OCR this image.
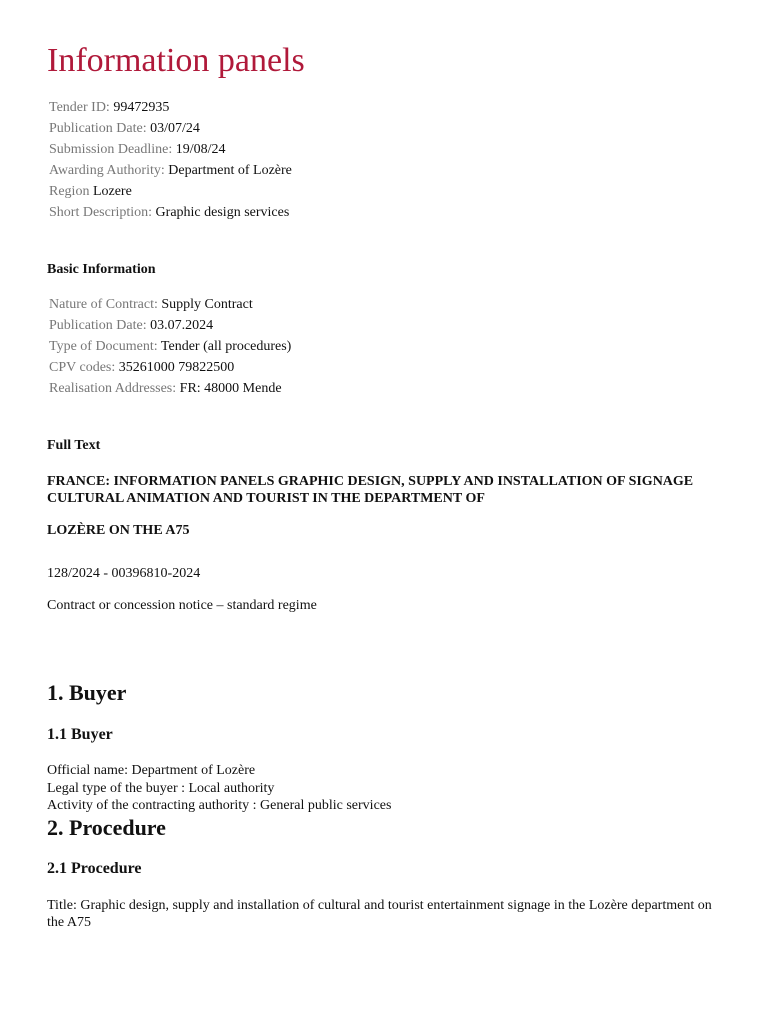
Information panels
Tender ID: 99472935
Publication Date: 03/07/24
Submission Deadline: 19/08/24
Awarding Authority: Department of Lozère
Region Lozere
Short Description: Graphic design services
Basic Information
Nature of Contract: Supply Contract
Publication Date: 03.07.2024
Type of Document: Tender (all procedures)
CPV codes: 35261000 79822500
Realisation Addresses: FR: 48000 Mende
Full Text

FRANCE: INFORMATION PANELS GRAPHIC DESIGN, SUPPLY AND INSTALLATION OF SIGNAGE CULTURAL ANIMATION AND TOURIST IN THE DEPARTMENT OF

LOZÈRE ON THE A75

128/2024 - 00396810-2024

Contract or concession notice – standard regime

1. Buyer
1.1 Buyer
Official name: Department of Lozère
Legal type of the buyer : Local authority
Activity of the contracting authority : General public services
2. Procedure
2.1 Procedure

Title: Graphic design, supply and installation of cultural and tourist entertainment signage in the Lozère department on the A75
